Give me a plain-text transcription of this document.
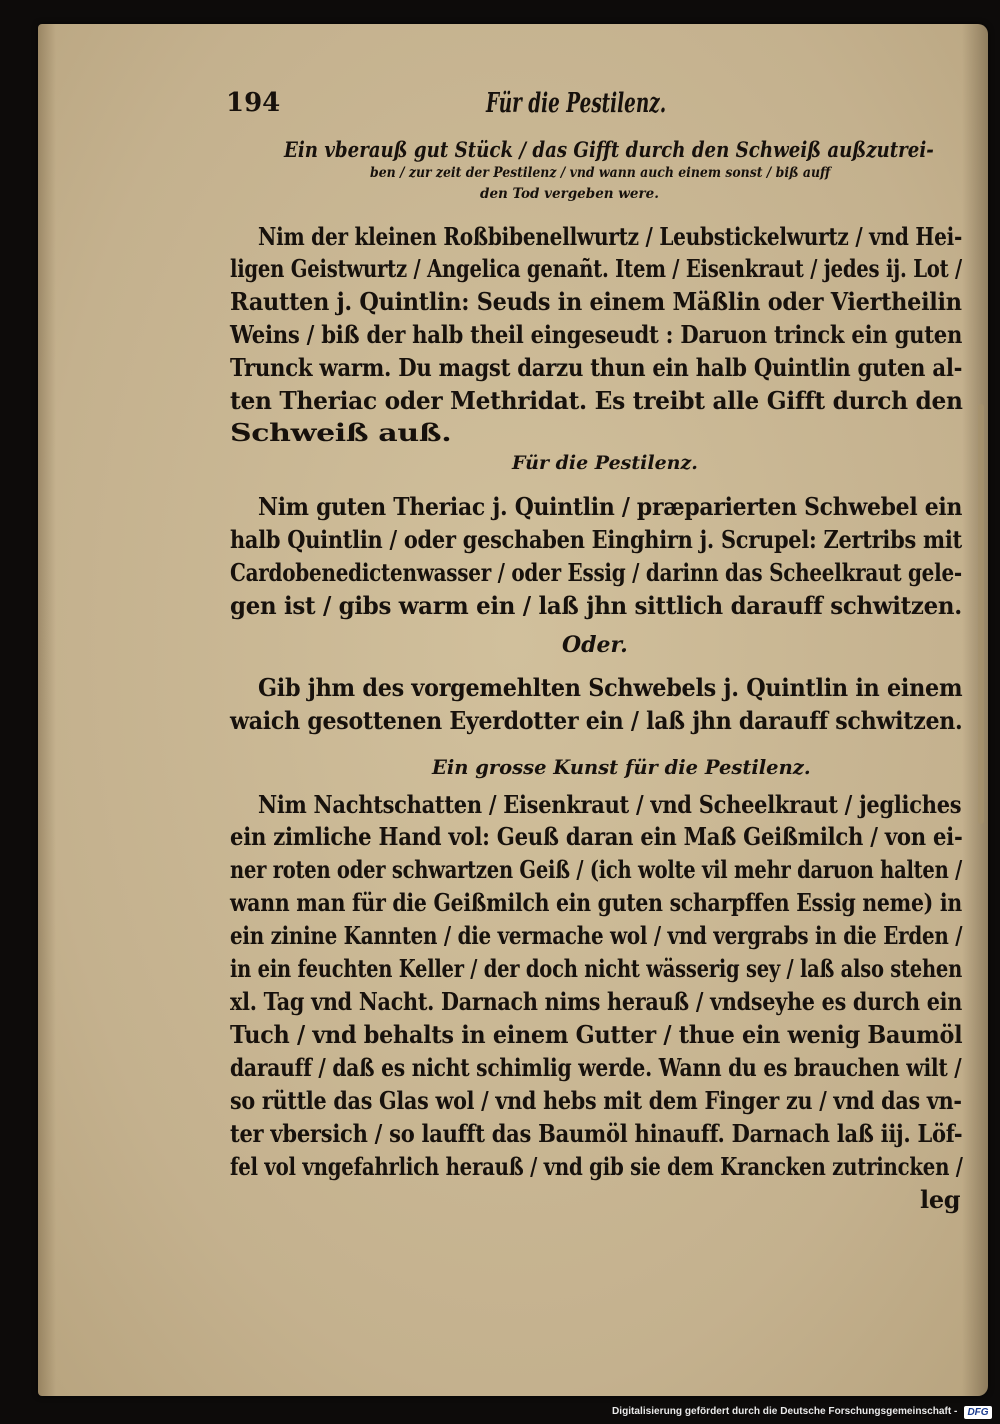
194	Für die Pestilenz.
Ein vberauß gut Stück / das Gifft durch den Schweiß außzutrei-
ben / zur zeit der Pestilenz / vnd wann auch einem sonst / biß auff
den Tod vergeben were.
Nim der kleinen Roßbibenellwurtz / Leubstickelwurtz / vnd Hei-
ligen Geistwurtz / Angelica genañt. Item / Eisenkraut / jedes ij. Lot /
Rautten j. Quintlin: Seuds in einem Mäßlin oder Viertheilin
Weins / biß der halb theil eingeseudt : Daruon trinck ein guten
Trunck warm. Du magst darzu thun ein halb Quintlin guten al-
ten Theriac oder Methridat. Es treibt alle Gifft durch den
Schweiß auß.
Für die Pestilenz.
Nim guten Theriac j. Quintlin / præparierten Schwebel ein
halb Quintlin / oder geschaben Einghirn j. Scrupel: Zertribs mit
Cardobenedictenwasser / oder Essig / darinn das Scheelkraut gele-
gen ist / gibs warm ein / laß jhn sittlich darauff schwitzen.
Oder.
Gib jhm des vorgemehlten Schwebels j. Quintlin in einem
waich gesottenen Eyerdotter ein / laß jhn darauff schwitzen.
Ein grosse Kunst für die Pestilenz.
Nim Nachtschatten / Eisenkraut / vnd Scheelkraut / jegliches
ein zimliche Hand vol: Geuß daran ein Maß Geißmilch / von ei-
ner roten oder schwartzen Geiß / (ich wolte vil mehr daruon halten /
wann man für die Geißmilch ein guten scharpffen Essig neme) in
ein zinine Kannten / die vermache wol / vnd vergrabs in die Erden /
in ein feuchten Keller / der doch nicht wässerig sey / laß also stehen
xl. Tag vnd Nacht. Darnach nims herauß / vndseyhe es durch ein
Tuch / vnd behalts in einem Gutter / thue ein wenig Baumöl
darauff / daß es nicht schimlig werde. Wann du es brauchen wilt /
so rüttle das Glas wol / vnd hebs mit dem Finger zu / vnd das vn-
ter vbersich / so laufft das Baumöl hinauff. Darnach laß iij. Löf-
fel vol vngefahrlich herauß / vnd gib sie dem Krancken zutrincken /
leg
Digitalisierung gefördert durch die Deutsche Forschungsgemeinschaft -	DFG
